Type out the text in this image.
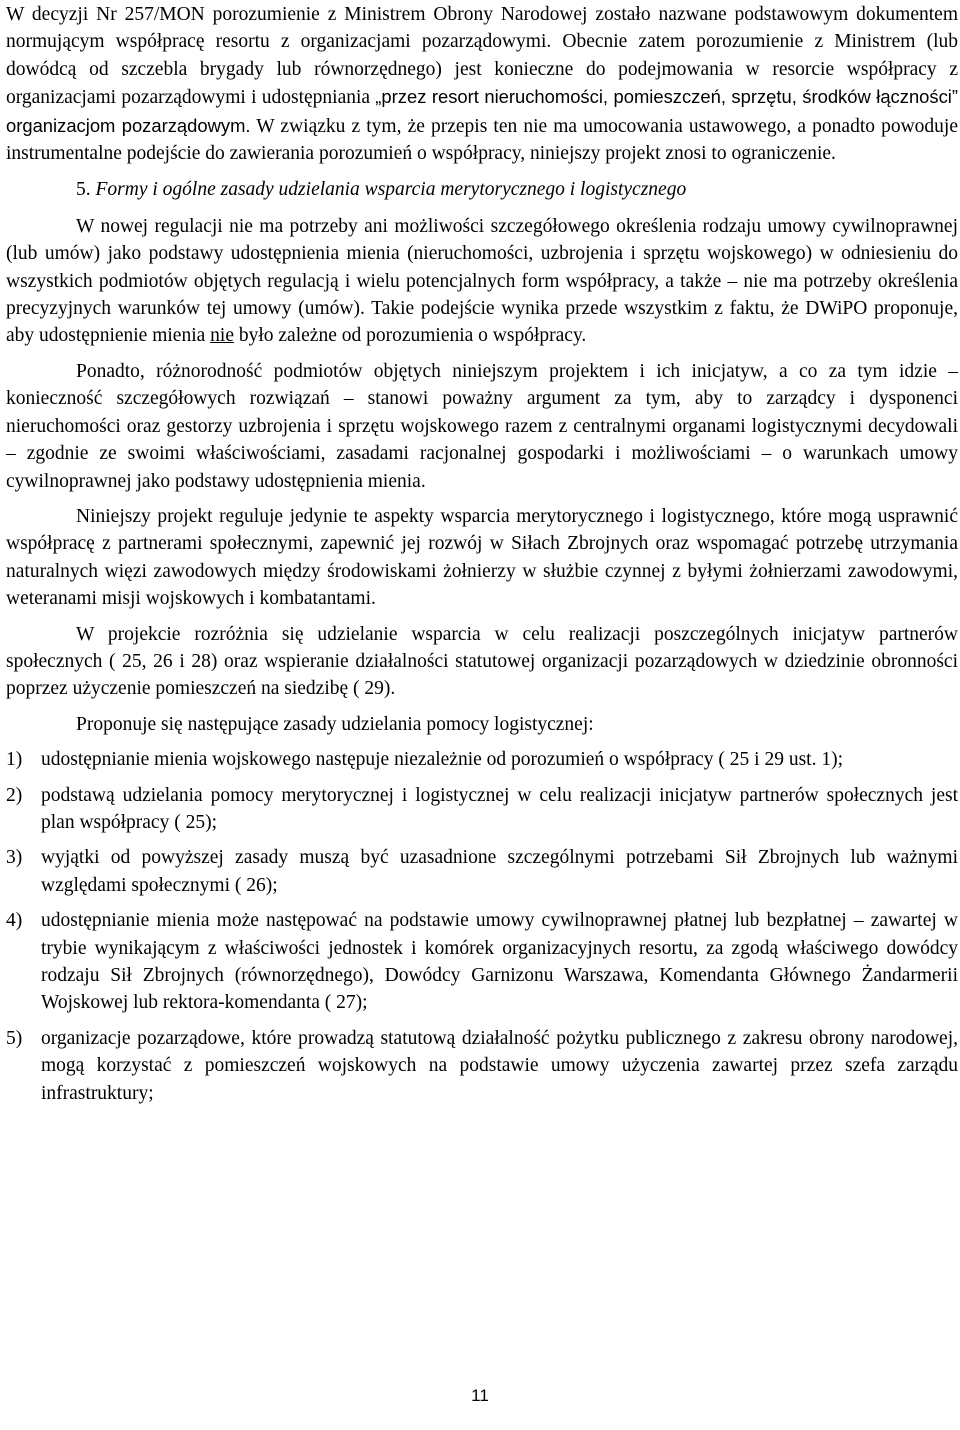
W decyzji Nr 257/MON porozumienie z Ministrem Obrony Narodowej zostało nazwane podstawowym dokumentem normującym współpracę resortu z organizacjami pozarządowymi. Obecnie zatem porozumienie z Ministrem (lub dowódcą od szczebla brygady lub równorzędnego) jest konieczne do podejmowania w resorcie współpracy z organizacjami pozarządowymi i udostępniania „przez resort nieruchomości, pomieszczeń, sprzętu, środków łączności” organizacjom pozarządowym. W związku z tym, że przepis ten nie ma umocowania ustawowego, a ponadto powoduje instrumentalne podejście do zawierania porozumień o współpracy, niniejszy projekt znosi to ograniczenie.

5. Formy i ogólne zasady udzielania wsparcia merytorycznego i logistycznego

W nowej regulacji nie ma potrzeby ani możliwości szczegółowego określenia rodzaju umowy cywilnoprawnej (lub umów) jako podstawy udostępnienia mienia (nieruchomości, uzbrojenia i sprzętu wojskowego) w odniesieniu do wszystkich podmiotów objętych regulacją i wielu potencjalnych form współpracy, a także – nie ma potrzeby określenia precyzyjnych warunków tej umowy (umów). Takie podejście wynika przede wszystkim z faktu, że DWiPO proponuje, aby udostępnienie mienia nie było zależne od porozumienia o współpracy.

Ponadto, różnorodność podmiotów objętych niniejszym projektem i ich inicjatyw, a co za tym idzie – konieczność szczegółowych rozwiązań – stanowi poważny argument za tym, aby to zarządcy i dysponenci nieruchomości oraz gestorzy uzbrojenia i sprzętu wojskowego razem z centralnymi organami logistycznymi decydowali – zgodnie ze swoimi właściwościami, zasadami racjonalnej gospodarki i możliwościami – o warunkach umowy cywilnoprawnej jako podstawy udostępnienia mienia.

Niniejszy projekt reguluje jedynie te aspekty wsparcia merytorycznego i logistycznego, które mogą usprawnić współpracę z partnerami społecznymi, zapewnić jej rozwój w Siłach Zbrojnych oraz wspomagać potrzebę utrzymania naturalnych więzi zawodowych między środowiskami żołnierzy w służbie czynnej z byłymi żołnierzami zawodowymi, weteranami misji wojskowych i kombatantami.

W projekcie rozróżnia się udzielanie wsparcia w celu realizacji poszczególnych inicjatyw partnerów społecznych ( 25, 26 i 28) oraz wspieranie działalności statutowej organizacji pozarządowych w dziedzinie obronności poprzez użyczenie pomieszczeń na siedzibę ( 29).

Proponuje się następujące zasady udzielania pomocy logistycznej:

1) udostępnianie mienia wojskowego następuje niezależnie od porozumień o współpracy ( 25 i 29 ust. 1);
2) podstawą udzielania pomocy merytorycznej i logistycznej w celu realizacji inicjatyw partnerów społecznych jest plan współpracy ( 25);
3) wyjątki od powyższej zasady muszą być uzasadnione szczególnymi potrzebami Sił Zbrojnych lub ważnymi względami społecznymi ( 26);
4) udostępnianie mienia może następować na podstawie umowy cywilnoprawnej płatnej lub bezpłatnej – zawartej w trybie wynikającym z właściwości jednostek i komórek organizacyjnych resortu, za zgodą właściwego dowódcy rodzaju Sił Zbrojnych (równorzędnego), Dowódcy Garnizonu Warszawa, Komendanta Głównego Żandarmerii Wojskowej lub rektora-komendanta ( 27);
5) organizacje pozarządowe, które prowadzą statutową działalność pożytku publicznego z zakresu obrony narodowej, mogą korzystać z pomieszczeń wojskowych na podstawie umowy użyczenia zawartej przez szefa zarządu infrastruktury;
11
